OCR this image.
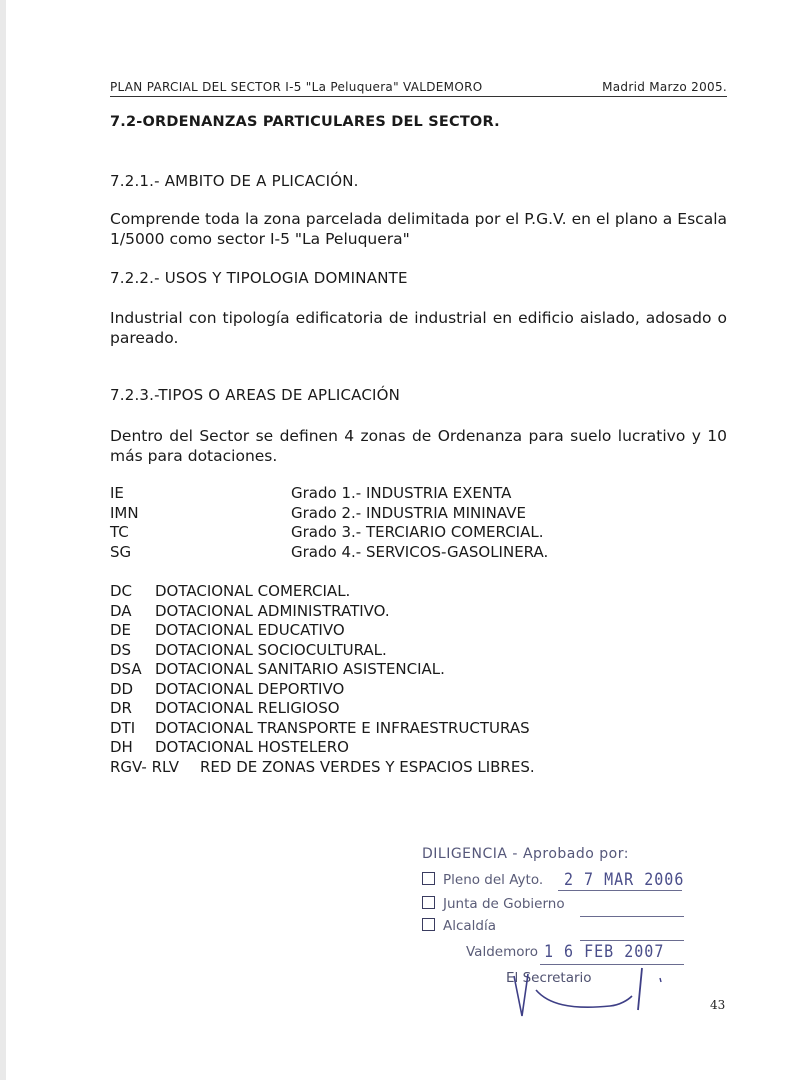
PLAN PARCIAL DEL SECTOR I-5 "La Peluquera" VALDEMORO	Madrid Marzo 2005.
7.2-ORDENANZAS PARTICULARES DEL SECTOR.
7.2.1.- AMBITO DE A PLICACIÓN.
Comprende toda la zona parcelada delimitada por el P.G.V. en el plano a Escala 1/5000 como sector I-5 "La Peluquera"
7.2.2.- USOS Y TIPOLOGIA DOMINANTE
Industrial con tipología edificatoria de industrial en edificio aislado, adosado o pareado.
7.2.3.-TIPOS O AREAS DE APLICACIÓN
Dentro del Sector se definen 4 zonas de Ordenanza para suelo lucrativo y 10 más para dotaciones.
IE	Grado 1.- INDUSTRIA EXENTA
IMN	Grado 2.- INDUSTRIA MININAVE
TC	Grado 3.- TERCIARIO COMERCIAL.
SG	Grado 4.- SERVICOS-GASOLINERA.
DC DOTACIONAL COMERCIAL.
DA DOTACIONAL ADMINISTRATIVO.
DE DOTACIONAL EDUCATIVO
DS DOTACIONAL SOCIOCULTURAL.
DSA DOTACIONAL SANITARIO ASISTENCIAL.
DD DOTACIONAL DEPORTIVO
DR DOTACIONAL RELIGIOSO
DTI DOTACIONAL TRANSPORTE E INFRAESTRUCTURAS
DH DOTACIONAL HOSTELERO
RGV- RLV RED DE ZONAS VERDES Y ESPACIOS LIBRES.
DILIGENCIA - Aprobado por:
Pleno del Ayto. 2 7 MAR 2006
Junta de Gobierno
Alcaldía
Valdemoro 1 6 FEB 2007
El Secretario
43
